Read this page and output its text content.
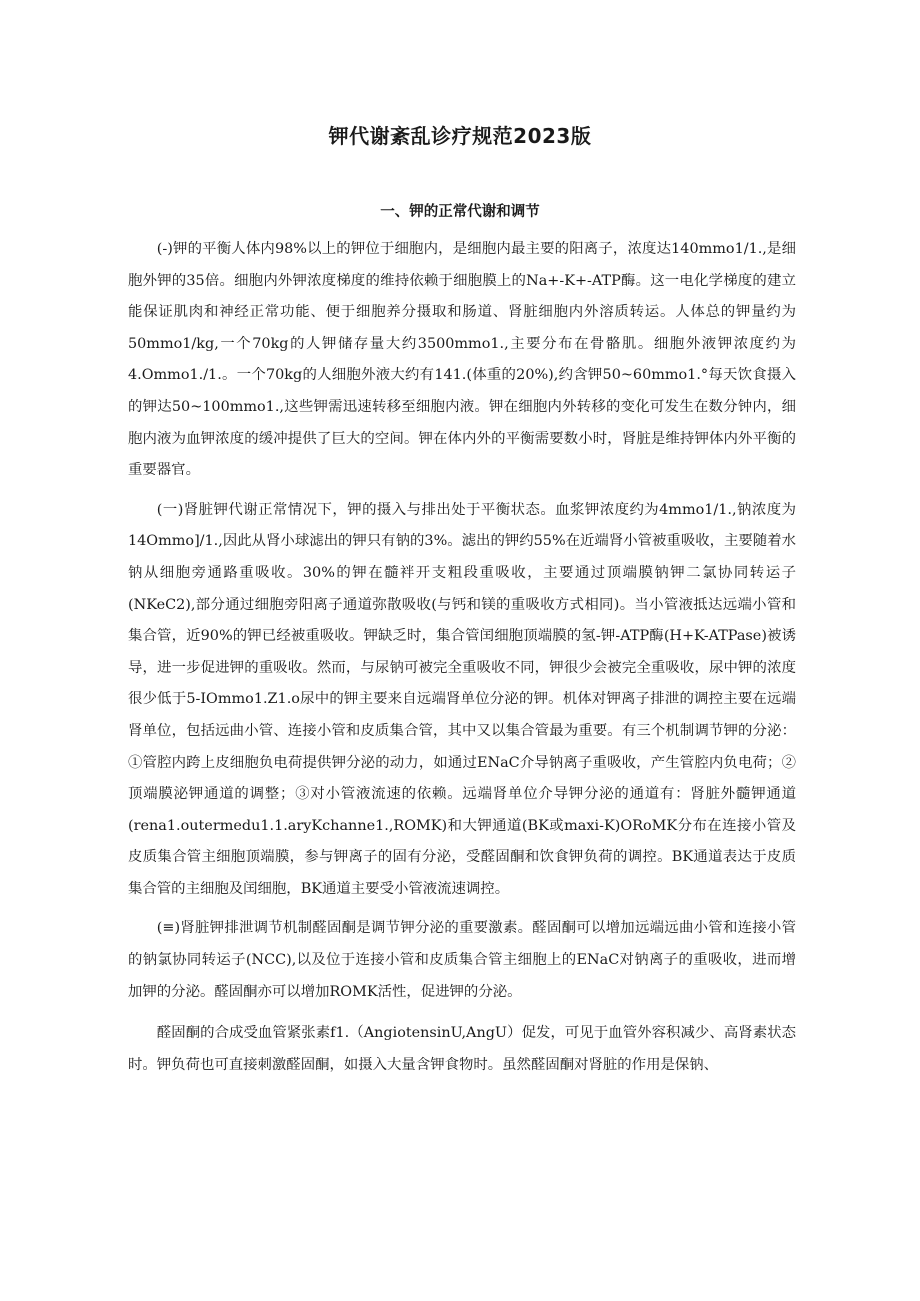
钾代谢紊乱诊疗规范2023版
一、钾的正常代谢和调节

(-)钾的平衡人体内98%以上的钾位于细胞内，是细胞内最主要的阳离子，浓度达140mmo1∕1.,是细胞外钾的35倍。细胞内外钾浓度梯度的维持依赖于细胞膜上的Na+-K+-ATP酶。这一电化学梯度的建立能保证肌肉和神经正常功能、便于细胞养分摄取和肠道、肾脏细胞内外溶质转运。人体总的钾量约为50mmo1∕kg,一个70kg的人钾储存量大约3500mmo1.,主要分布在骨骼肌。细胞外液钾浓度约为4.Ommo1./1.。一个70kg的人细胞外液大约有141.(体重的20%),约含钾50~60mmo1.°每天饮食摄入的钾达50~100mmo1.,这些钾需迅速转移至细胞内液。钾在细胞内外转移的变化可发生在数分钟内，细胞内液为血钾浓度的缓冲提供了巨大的空间。钾在体内外的平衡需要数小时，肾脏是维持钾体内外平衡的重要器官。

(一)肾脏钾代谢正常情况下，钾的摄入与排出处于平衡状态。血浆钾浓度约为4mmo1∕1.,钠浓度为14Ommo]/1.,因此从肾小球滤出的钾只有钠的3%。滤出的钾约55%在近端肾小管被重吸收，主要随着水钠从细胞旁通路重吸收。30%的钾在髓袢开支粗段重吸收，主要通过顶端膜钠钾二氯协同转运子(NKeC2),部分通过细胞旁阳离子通道弥散吸收(与钙和镁的重吸收方式相同)。当小管液抵达远端小管和集合管，近90%的钾已经被重吸收。钾缺乏时，集合管闰细胞顶端膜的氢-钾-ATP酶(H+K-ATPase)被诱导，进一步促进钾的重吸收。然而，与尿钠可被完全重吸收不同，钾很少会被完全重吸收，尿中钾的浓度很少低于5-IOmmo1.Z1.o尿中的钾主要来自远端肾单位分泌的钾。机体对钾离子排泄的调控主要在远端肾单位，包括远曲小管、连接小管和皮质集合管，其中又以集合管最为重要。有三个机制调节钾的分泌：①管腔内跨上皮细胞负电荷提供钾分泌的动力，如通过ENaC介导钠离子重吸收，产生管腔内负电荷；②顶端膜泌钾通道的调整；③对小管液流速的依赖。远端肾单位介导钾分泌的通道有：肾脏外髓钾通道(rena1.outermedu1.1.aryKchanne1.,ROMK)和大钾通道(BK或maxi-K)ORoMK分布在连接小管及皮质集合管主细胞顶端膜，参与钾离子的固有分泌，受醛固酮和饮食钾负荷的调控。BK通道表达于皮质集合管的主细胞及闰细胞，BK通道主要受小管液流速调控。

(≡)肾脏钾排泄调节机制醛固酮是调节钾分泌的重要激素。醛固酮可以增加远端远曲小管和连接小管的钠氯协同转运子(NCC),以及位于连接小管和皮质集合管主细胞上的ENaC对钠离子的重吸收，进而增加钾的分泌。醛固酮亦可以增加ROMK活性，促进钾的分泌。

醛固酮的合成受血管紧张素f1.（AngiotensinU,AngU）促发，可见于血管外容积减少、高肾素状态时。钾负荷也可直接刺激醛固酮，如摄入大量含钾食物时。虽然醛固酮对肾脏的作用是保钠、
